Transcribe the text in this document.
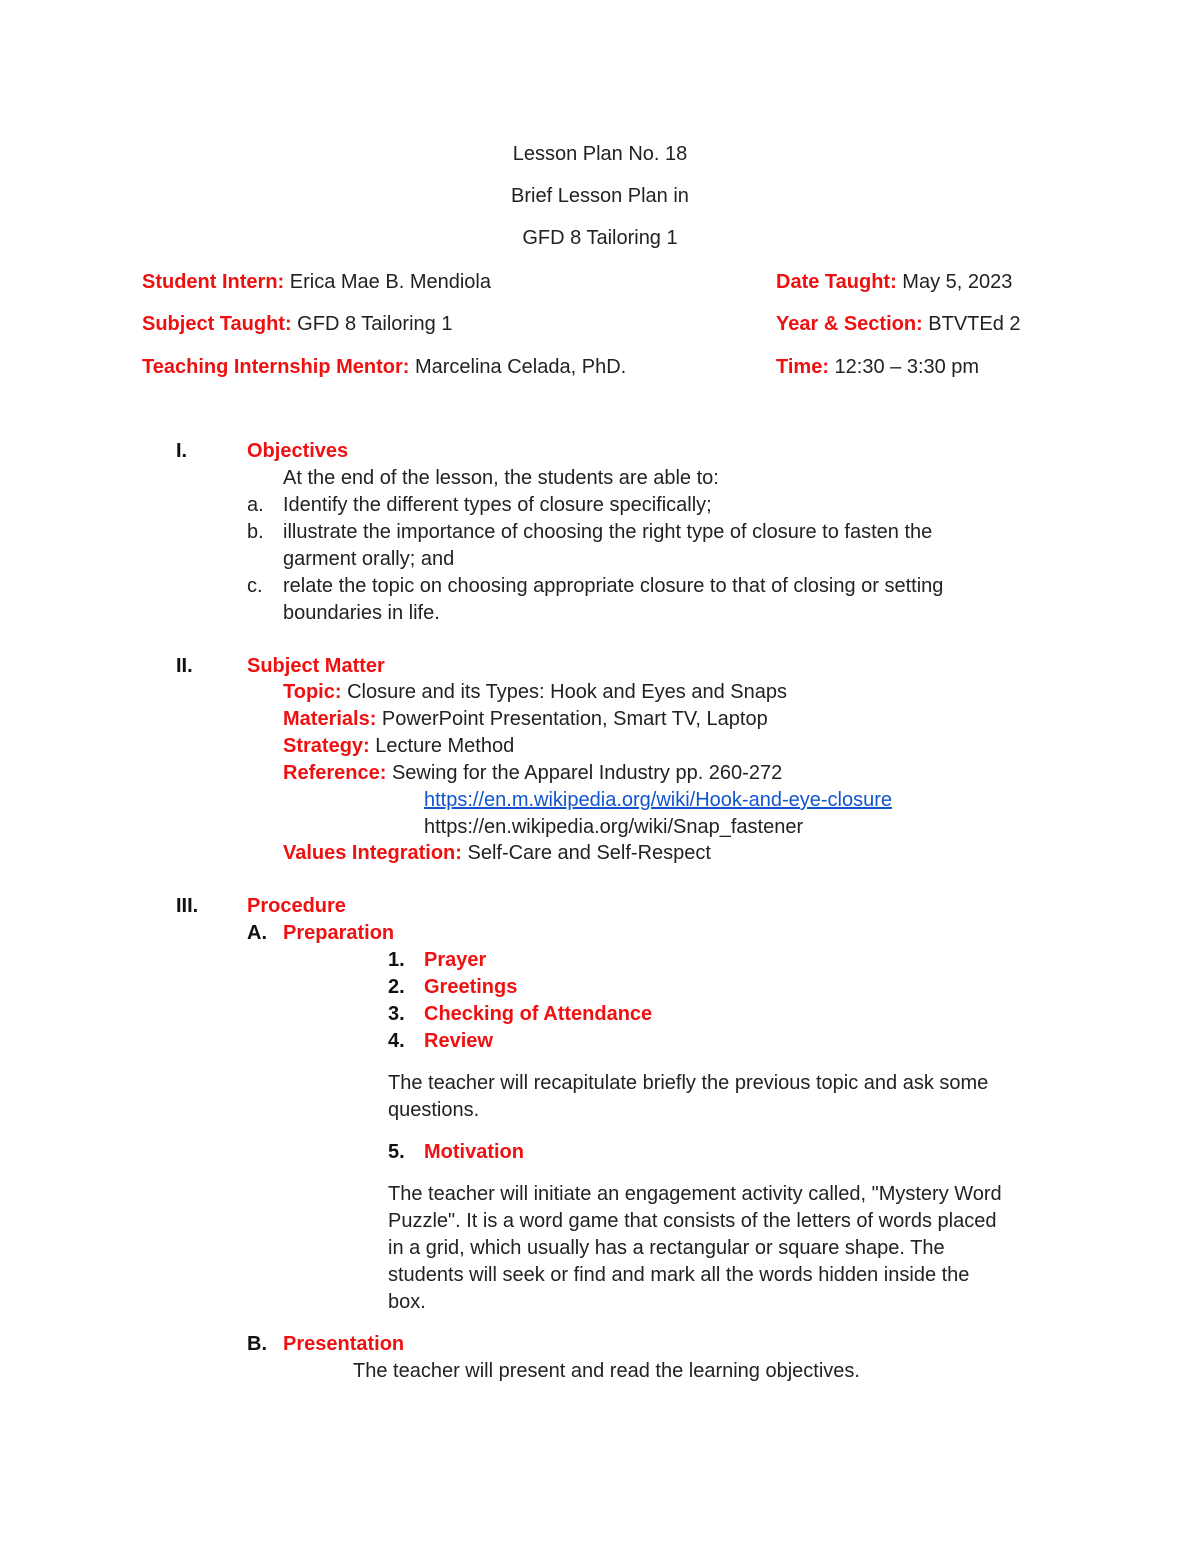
Lesson Plan No. 18
Brief Lesson Plan in
GFD 8 Tailoring 1
Student Intern: Erica Mae B. Mendiola
Subject Taught: GFD 8 Tailoring 1
Teaching Internship Mentor: Marcelina Celada, PhD.
Date Taught: May 5, 2023
Year & Section: BTVTEd 2
Time: 12:30 – 3:30 pm
I.	Objectives
At the end of the lesson, the students are able to:
a. Identify the different types of closure specifically;
b. illustrate the importance of choosing the right type of closure to fasten the
garment orally; and
c. relate the topic on choosing appropriate closure to that of closing or setting
boundaries in life.
II.	Subject Matter
Topic: Closure and its Types: Hook and Eyes and Snaps
Materials: PowerPoint Presentation, Smart TV, Laptop
Strategy: Lecture Method
Reference: Sewing for the Apparel Industry pp. 260-272
https://en.m.wikipedia.org/wiki/Hook-and-eye-closure
https://en.wikipedia.org/wiki/Snap_fastener
Values Integration: Self-Care and Self-Respect
III. Procedure
A. Preparation
1. Prayer
2. Greetings
3. Checking of Attendance
4. Review
The teacher will recapitulate briefly the previous topic and ask some
questions.
5. Motivation
The teacher will initiate an engagement activity called, "Mystery Word
Puzzle". It is a word game that consists of the letters of words placed
in a grid, which usually has a rectangular or square shape. The
students will seek or find and mark all the words hidden inside the
box.
B. Presentation
The teacher will present and read the learning objectives.
